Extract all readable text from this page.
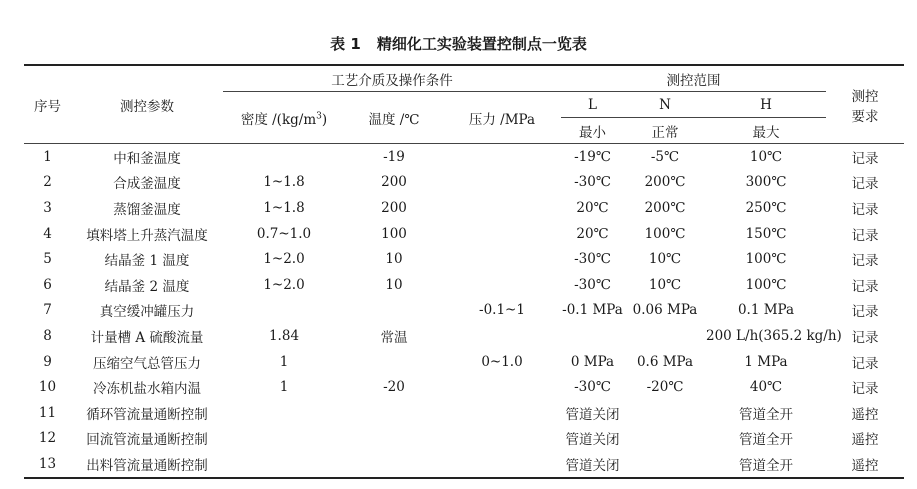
表 1 精细化工实验装置控制点一览表
序号	测控参数	工艺介质及操作条件			测控范围			测控
要求

		密度 $/(kg/m^3)$	温度 /℃	压力 /MPa	L	N	H	
					最小	正常	最大	
1	中和釜温度		-19		-19℃	-5℃	10℃	记录
2	合成釜温度	1~1.8	200		-30℃	200℃	300℃	记录
3	蒸馏釜温度	1~1.8	200		20℃	200℃	250℃	记录
4	填料塔上升蒸汽温度	0.7~1.0	100		20℃	100℃	150℃	记录
5	结晶釜 1 温度	1~2.0	10		-30℃	10℃	100℃	记录
6	结晶釜 2 温度	1~2.0	10		-30℃	10℃	100℃	记录
7	真空缓冲罐压力			-0.1~1	-0.1 MPa	0.06 MPa	0.1 MPa	记录
8	计量槽 A 硫酸流量	1.84	常温				200 L/h(365.2 kg/h)	记录
9	压缩空气总管压力	1		0~1.0	0 MPa	0.6 MPa	1 MPa	记录
10	冷冻机盐水箱内温	1	-20		-30℃	-20℃	40℃	记录
11	循环管流量通断控制				管道关闭		管道全开	遥控
12	回流管流量通断控制				管道关闭		管道全开	遥控
13	出料管流量通断控制				管道关闭		管道全开	遥控
